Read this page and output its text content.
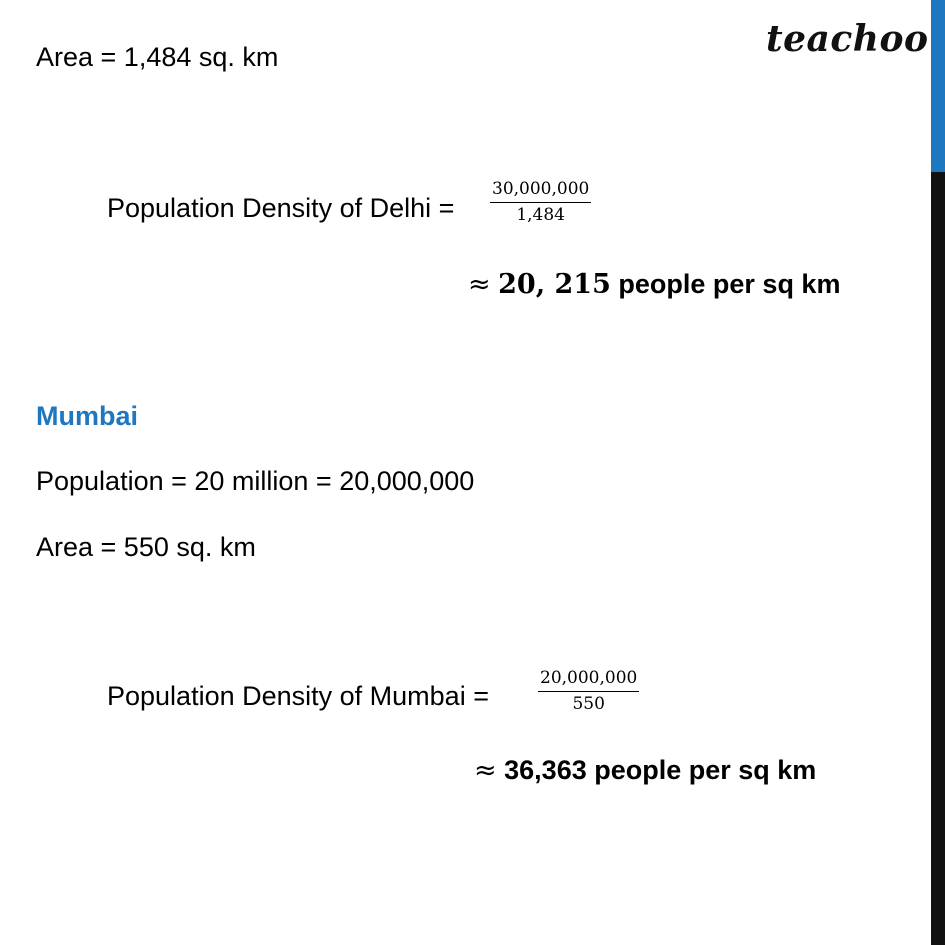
teachoo
Area = 1,484 sq. km
Population Density of Delhi = $\frac{30,000,000}{1,484}$
≈ 20, 215 people per sq km
Mumbai
Population = 20 million = 20,000,000
Area = 550 sq. km
Population Density of Mumbai =	$\frac{20,000,000}{550}$
≈ 36,363 people per sq km
